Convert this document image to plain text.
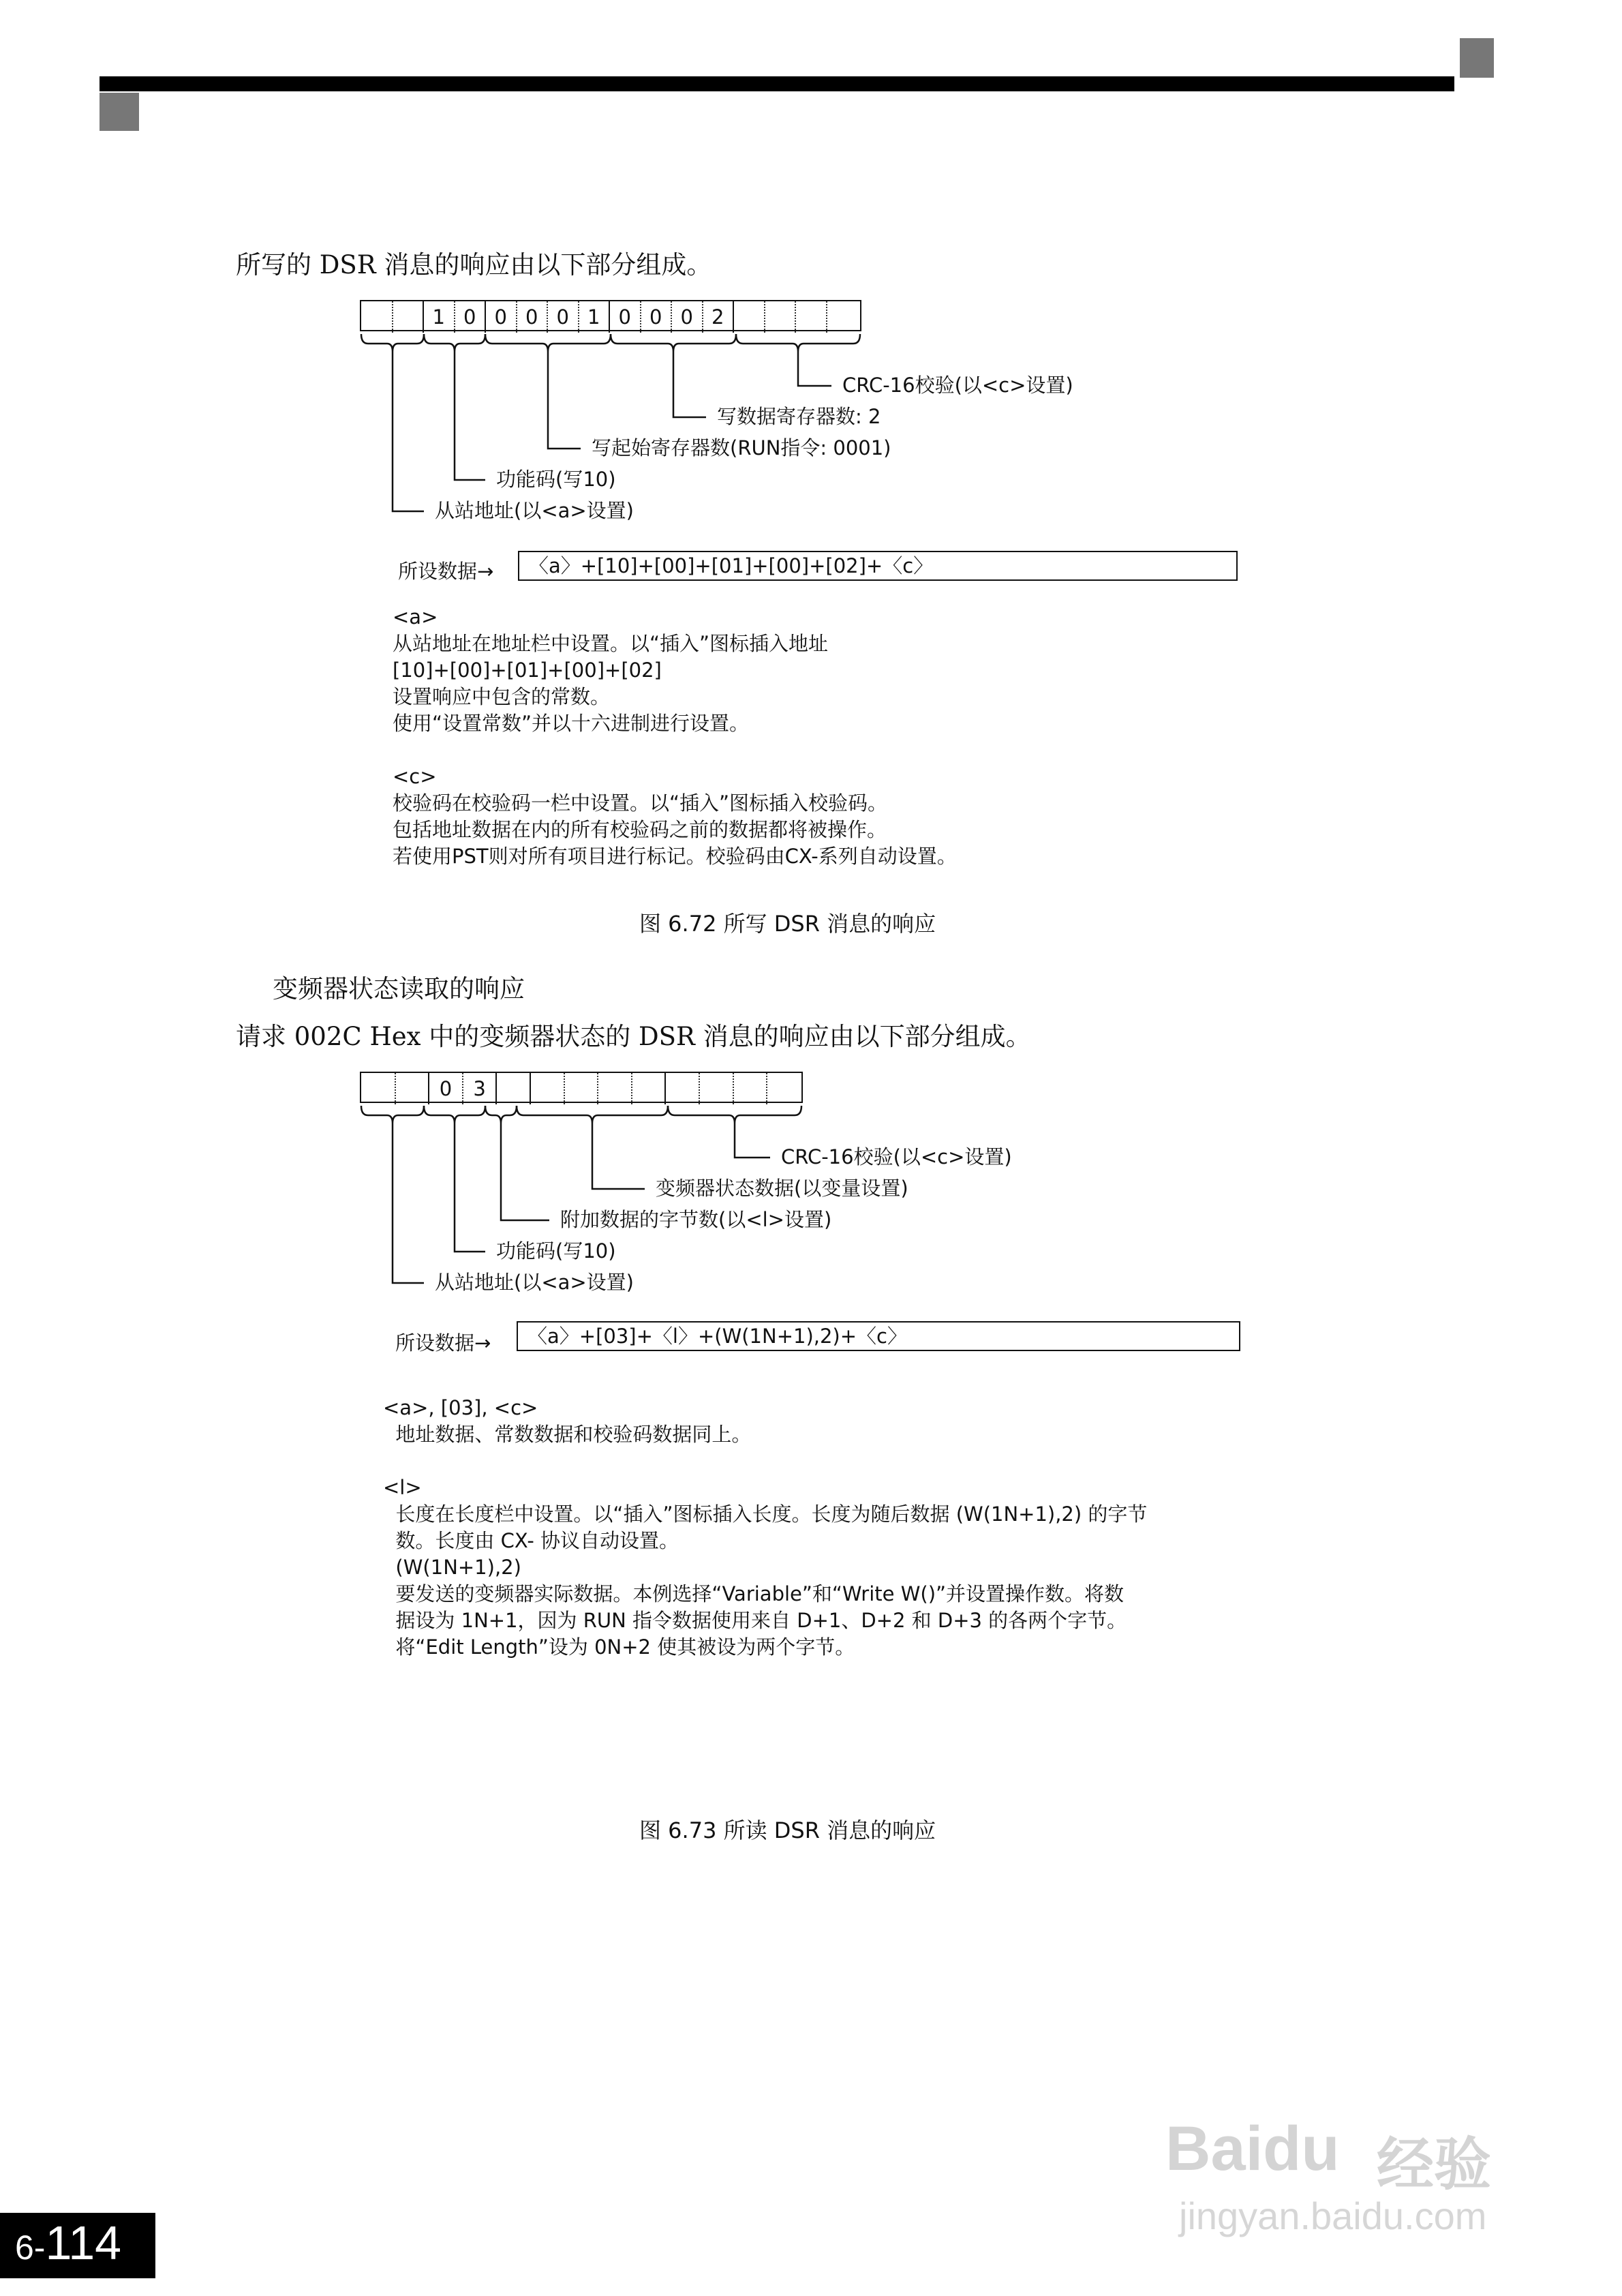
所写的 DSR 消息的响应由以下部分组成。
1 0 0 0 0 1 0 0 0 2
CRC-16校验(以<c>设置)
写数据寄存器数: 2
写起始寄存器数(RUN指令: 0001)
功能码(写10)
从站地址(以<a>设置)
所设数据→	〈a〉+[10]+[00]+[01]+[00]+[02]+〈c〉
<a>
从站地址在地址栏中设置。以“插入”图标插入地址
[10]+[00]+[01]+[00]+[02]
设置响应中包含的常数。
使用“设置常数”并以十六进制进行设置。

<c>
校验码在校验码一栏中设置。以“插入”图标插入校验码。
包括地址数据在内的所有校验码之前的数据都将被操作。
若使用PST则对所有项目进行标记。校验码由CX-系列自动设置。
图 6.72 所写 DSR 消息的响应
变频器状态读取的响应
请求 002C Hex 中的变频器状态的 DSR 消息的响应由以下部分组成。
0	3
CRC-16校验(以<c>设置)
变频器状态数据(以变量设置)
附加数据的字节数(以<l>设置)
功能码(写10)
从站地址(以<a>设置)
所设数据→	〈a〉+[03]+〈l〉+(W(1N+1),2)+〈c〉
<a>, [03], <c>
地址数据、常数数据和校验码数据同上。

<l>
长度在长度栏中设置。以“插入”图标插入长度。长度为随后数据 (W(1N+1),2) 的字节
数。长度由 CX- 协议自动设置。
(W(1N+1),2)
要发送的变频器实际数据。本例选择“Variable”和“Write W()”并设置操作数。将数
据设为 1N+1，因为 RUN 指令数据使用来自 D+1、D+2 和 D+3 的各两个字节。
将“Edit Length”设为 0N+2 使其被设为两个字节。
图 6.73 所读 DSR 消息的响应
6-114
Baidu 经验
jingyan.baidu.com
